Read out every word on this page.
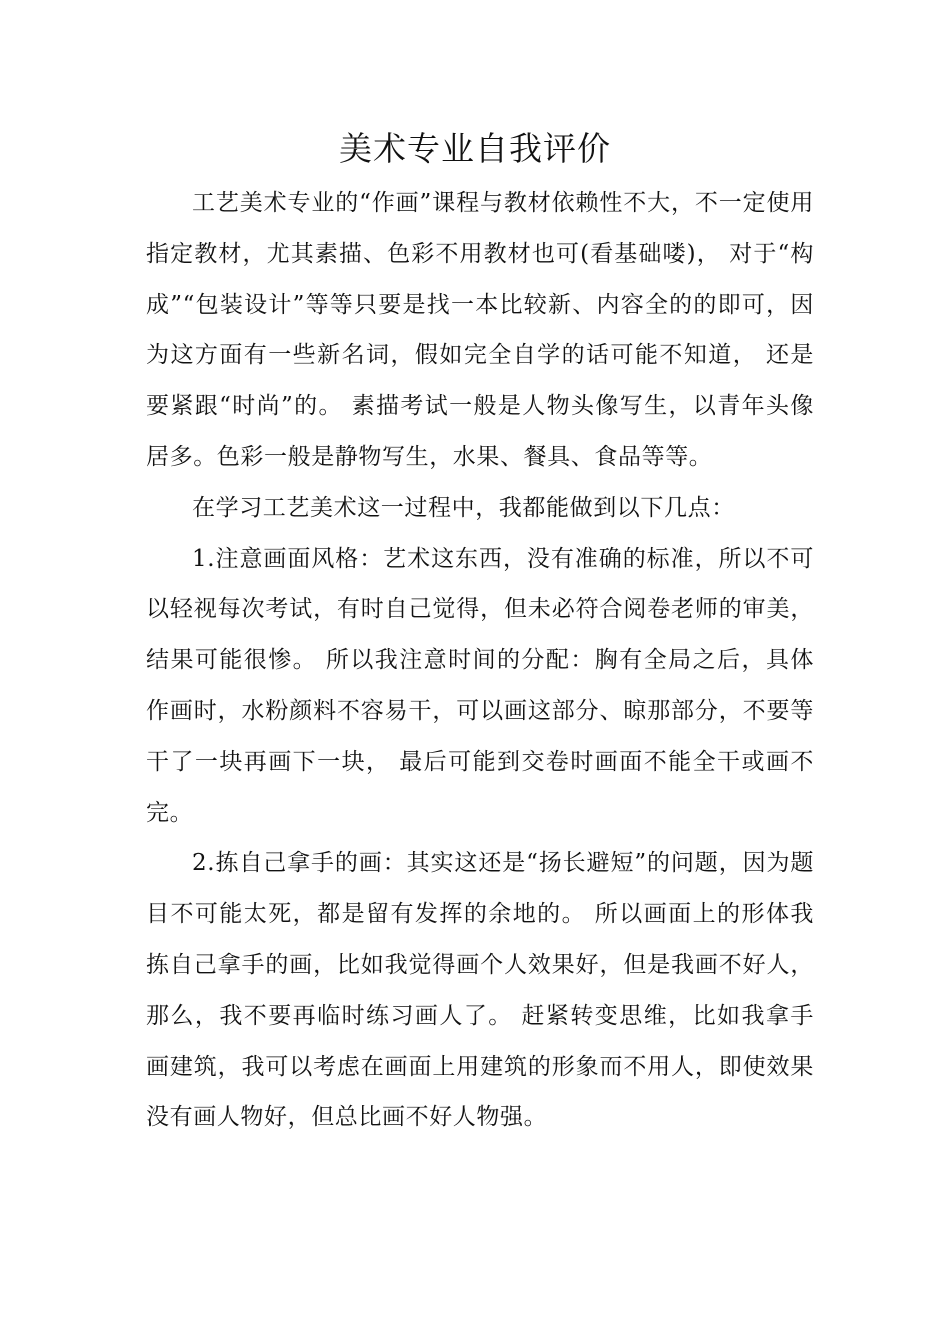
美术专业自我评价

工艺美术专业的“作画”课程与教材依赖性不大，不一定使用指定教材，尤其素描、色彩不用教材也可(看基础喽)， 对于“构成”“包装设计”等等只要是找一本比较新、内容全的的即可，因为这方面有一些新名词，假如完全自学的话可能不知道， 还是要紧跟“时尚”的。 素描考试一般是人物头像写生，以青年头像居多。色彩一般是静物写生，水果、餐具、食品等等。

在学习工艺美术这一过程中，我都能做到以下几点：

1.注意画面风格：艺术这东西，没有准确的标准，所以不可以轻视每次考试，有时自己觉得，但未必符合阅卷老师的审美，结果可能很惨。 所以我注意时间的分配：胸有全局之后，具体作画时，水粉颜料不容易干，可以画这部分、晾那部分，不要等干了一块再画下一块， 最后可能到交卷时画面不能全干或画不完。

2.拣自己拿手的画：其实这还是“扬长避短”的问题，因为题目不可能太死，都是留有发挥的余地的。 所以画面上的形体我拣自己拿手的画，比如我觉得画个人效果好，但是我画不好人，那么，我不要再临时练习画人了。 赶紧转变思维，比如我拿手画建筑，我可以考虑在画面上用建筑的形象而不用人，即使效果没有画人物好，但总比画不好人物强。
